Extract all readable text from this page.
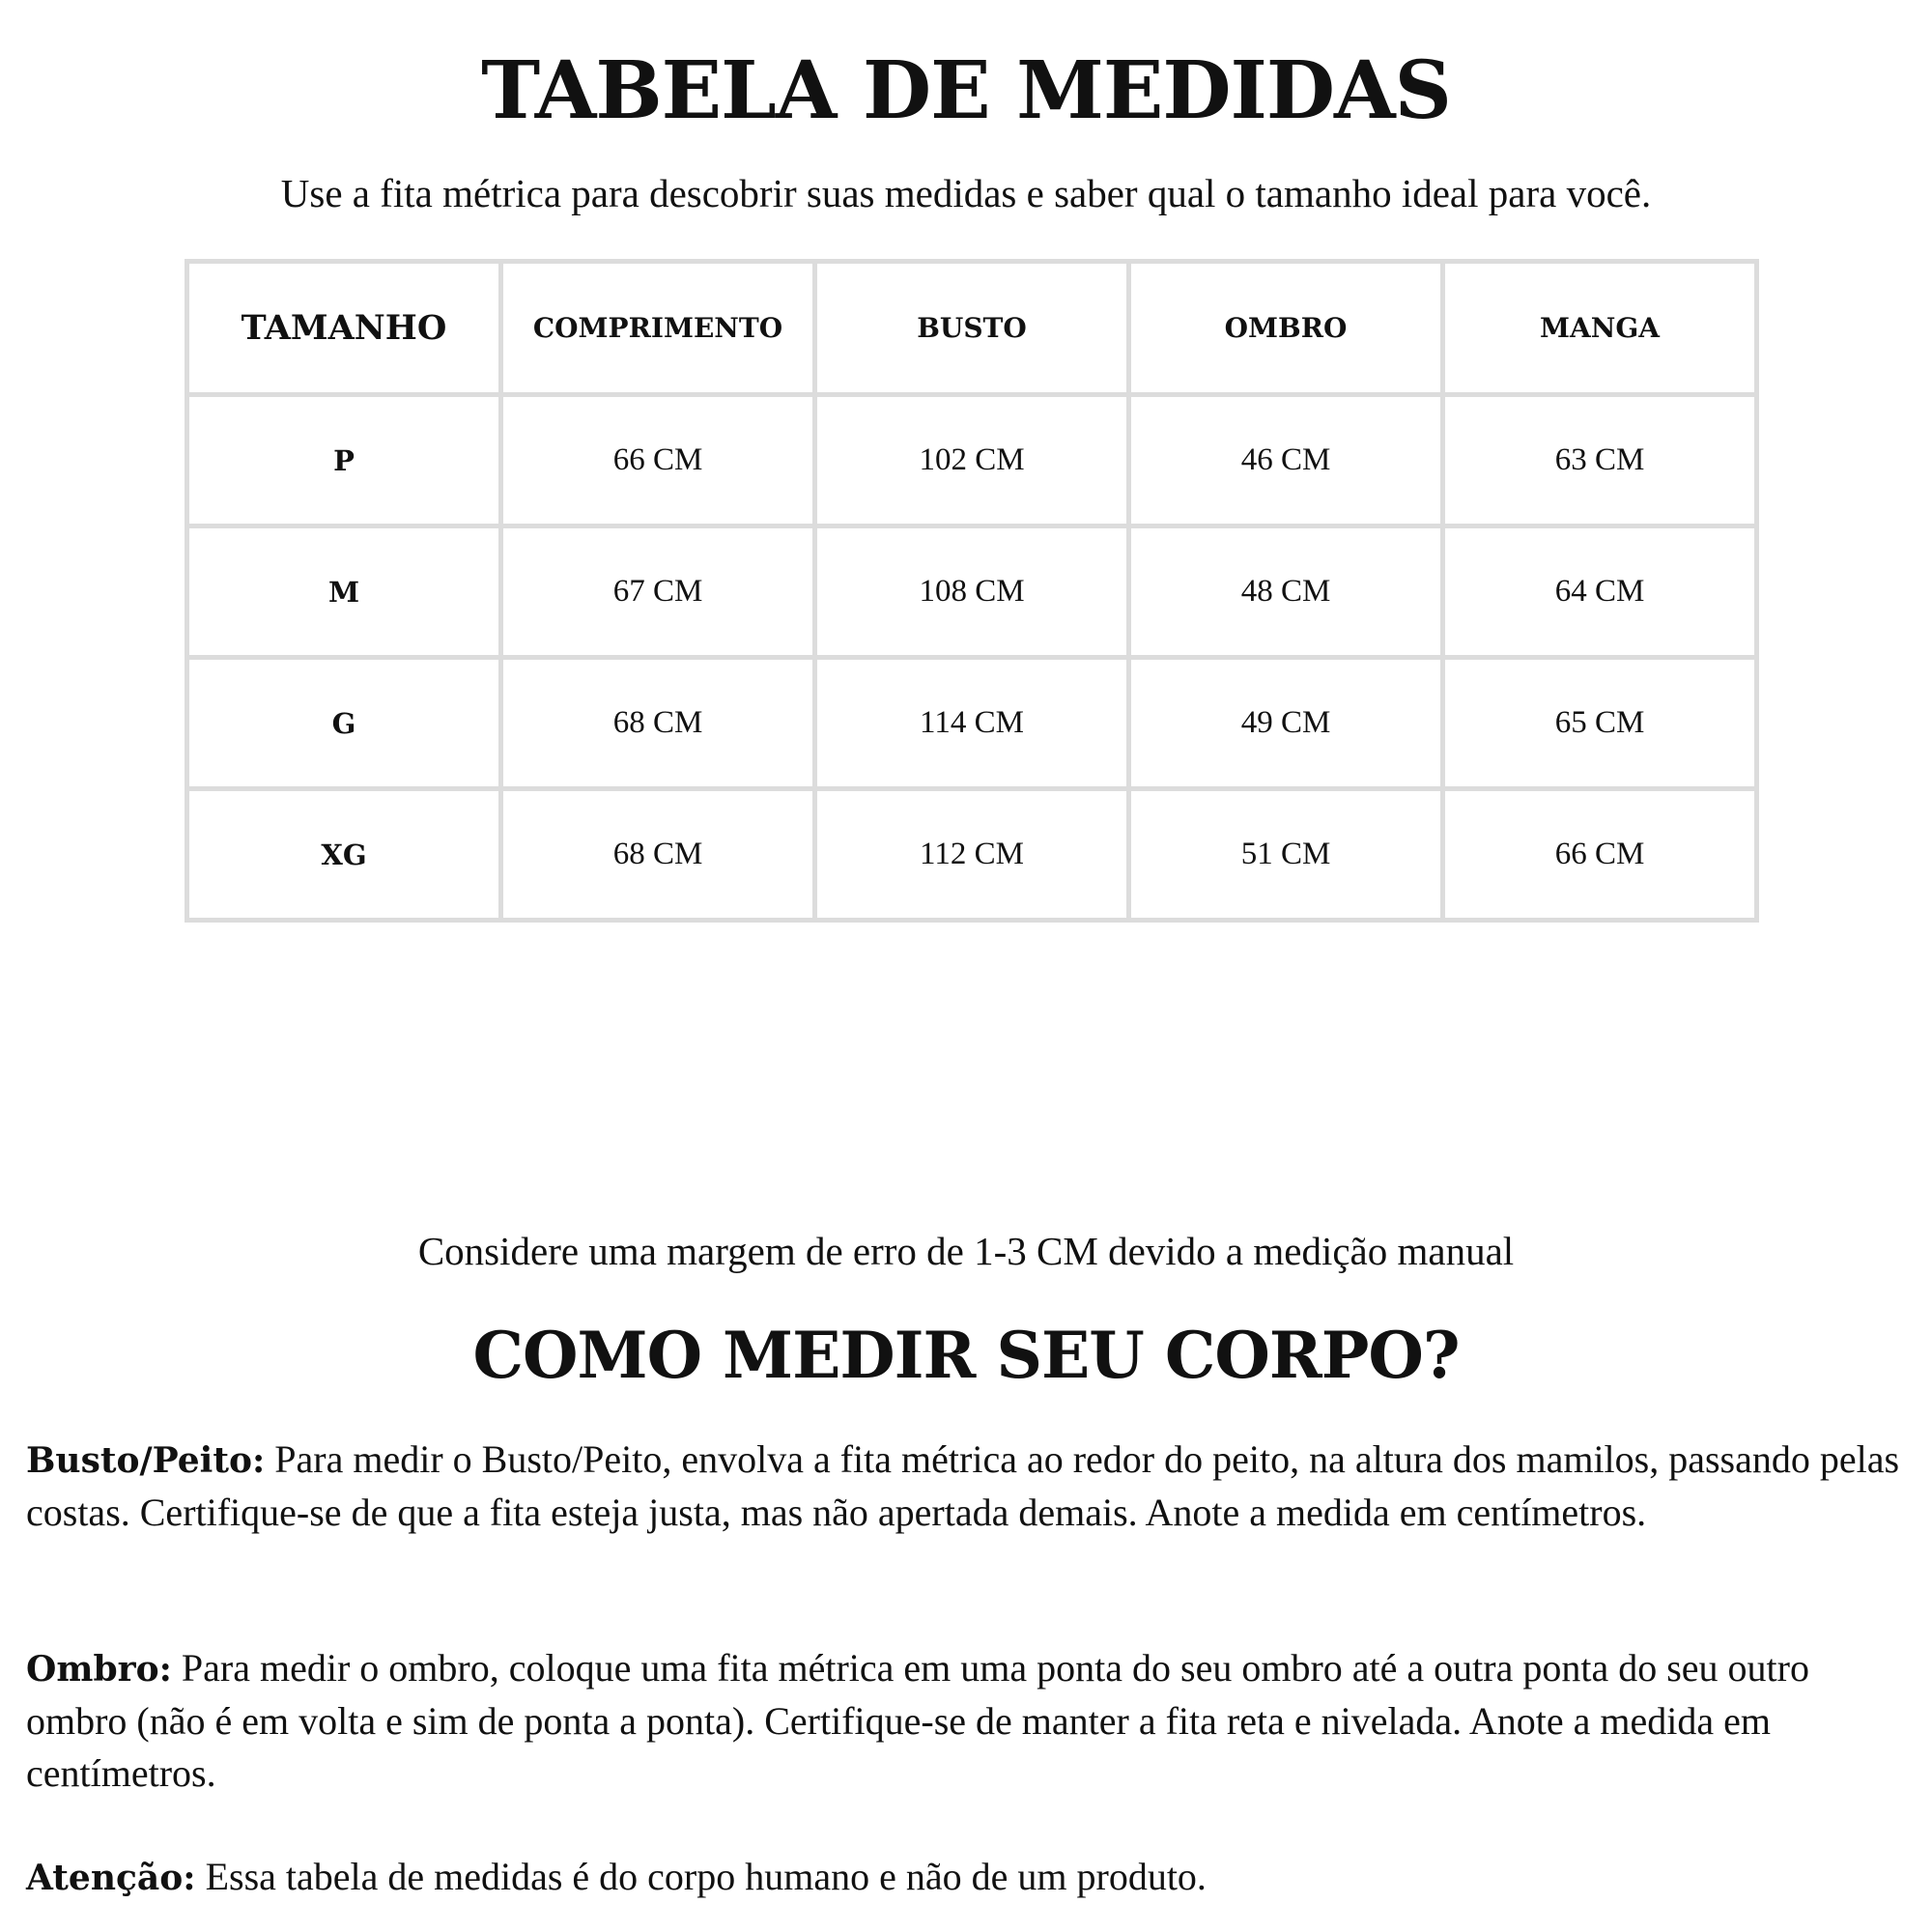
TABELA DE MEDIDAS

Use a fita métrica para descobrir suas medidas e saber qual o tamanho ideal para você.

TAMANHO	COMPRIMENTO	BUSTO	OMBRO	MANGA
P	66 CM	102 CM	46 CM	63 CM
M	67 CM	108 CM	48 CM	64 CM
G	68 CM	114 CM	49 CM	65 CM
XG	68 CM	112 CM	51 CM	66 CM

Considere uma margem de erro de 1-3 CM devido a medição manual

COMO MEDIR SEU CORPO?

Busto/Peito: Para medir o Busto/Peito, envolva a fita métrica ao redor do peito, na altura dos mamilos, passando pelas costas. Certifique-se de que a fita esteja justa, mas não apertada demais. Anote a medida em centímetros.

Ombro: Para medir o ombro, coloque uma fita métrica em uma ponta do seu ombro até a outra ponta do seu outro ombro (não é em volta e sim de ponta a ponta). Certifique-se de manter a fita reta e nivelada. Anote a medida em centímetros.

Atenção: Essa tabela de medidas é do corpo humano e não de um produto.
